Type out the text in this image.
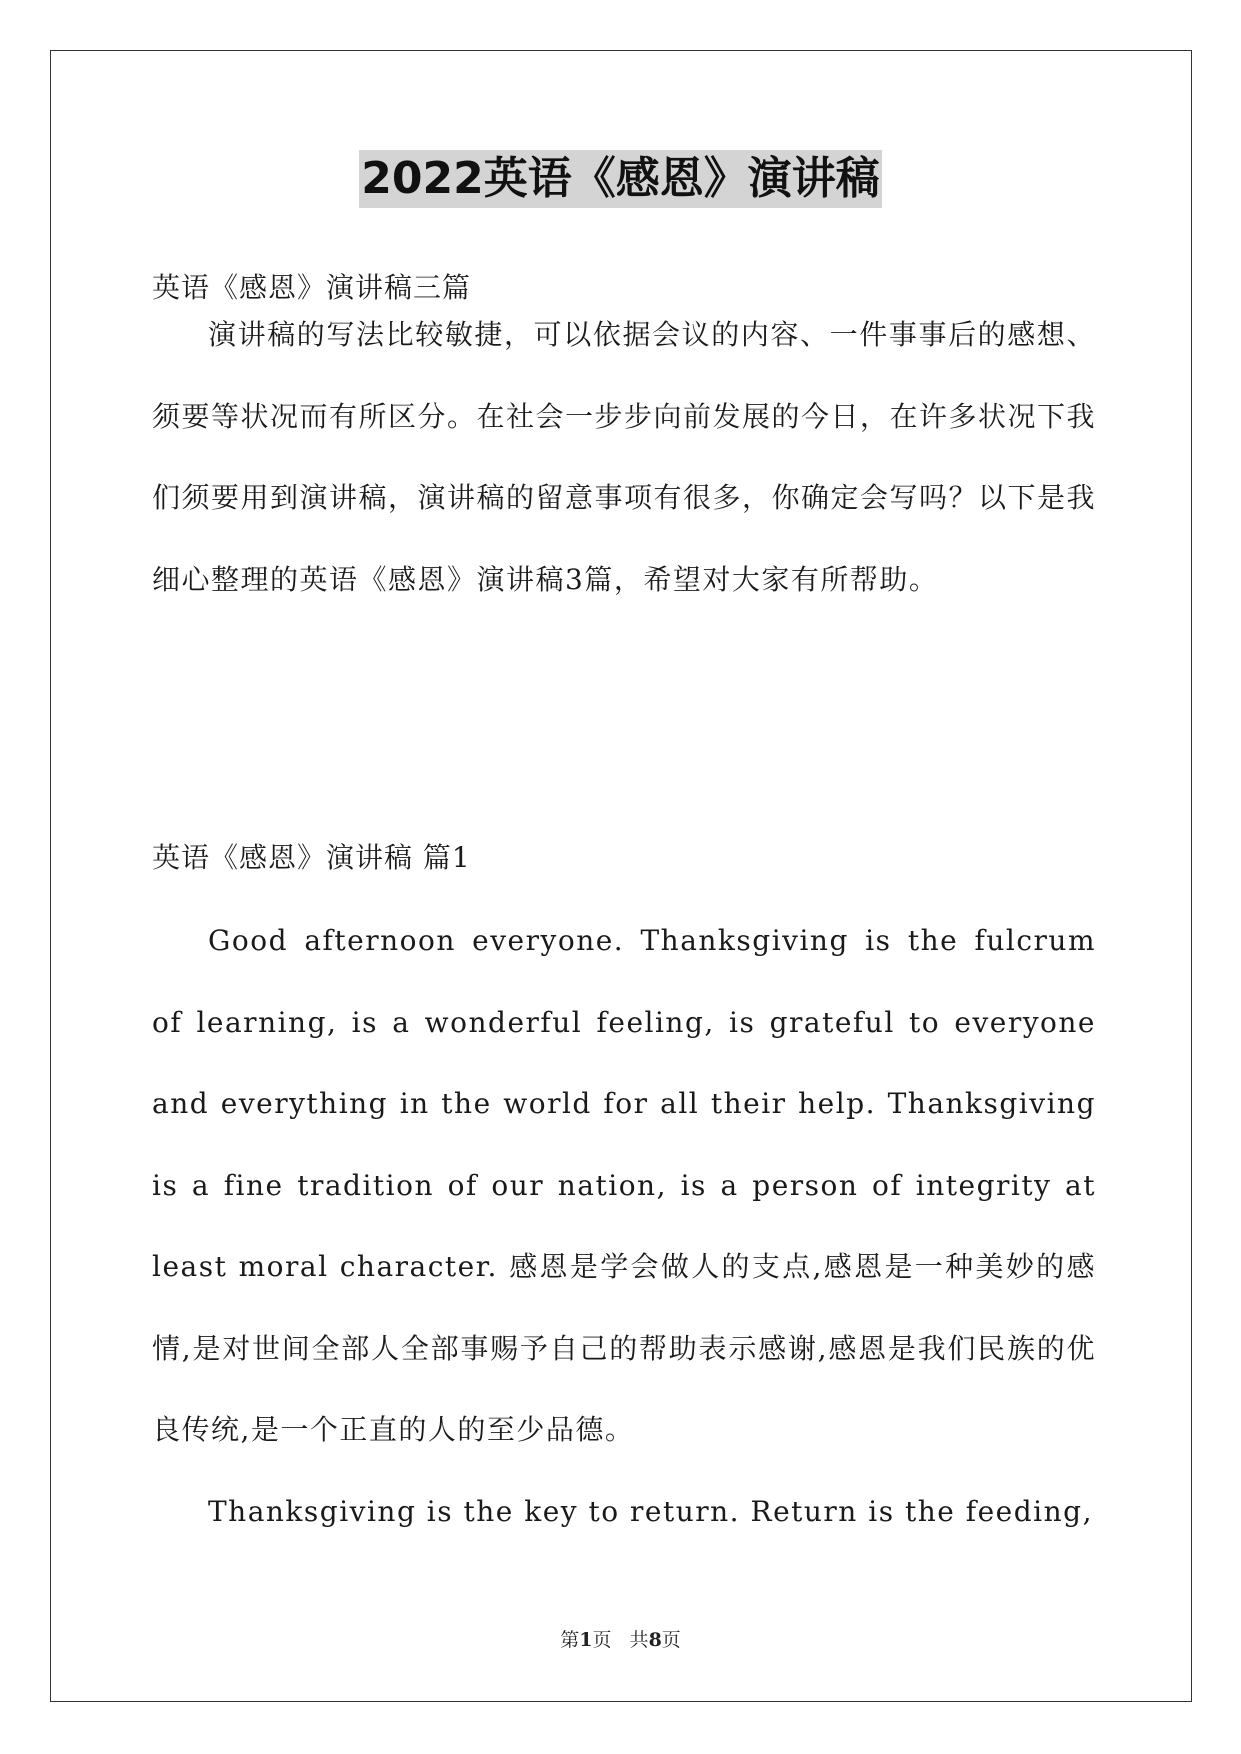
2022英语《感恩》演讲稿
英语《感恩》演讲稿三篇

演讲稿的写法比较敏捷，可以依据会议的内容、一件事事后的感想、须要等状况而有所区分。在社会一步步向前发展的今日，在许多状况下我们须要用到演讲稿，演讲稿的留意事项有很多，你确定会写吗？以下是我细心整理的英语《感恩》演讲稿3篇，希望对大家有所帮助。

英语《感恩》演讲稿 篇1

Good afternoon everyone. Thanksgiving is the fulcrum of learning, is a wonderful feeling, is grateful to everyone and everything in the world for all their help. Thanksgiving is a fine tradition of our nation, is a person of integrity at least moral character. 感恩是学会做人的支点,感恩是一种美妙的感情,是对世间全部人全部事赐予自己的帮助表示感谢,感恩是我们民族的优良传统,是一个正直的人的至少品德。

Thanksgiving is the key to return. Return is the feeding,

第1页   共8页
